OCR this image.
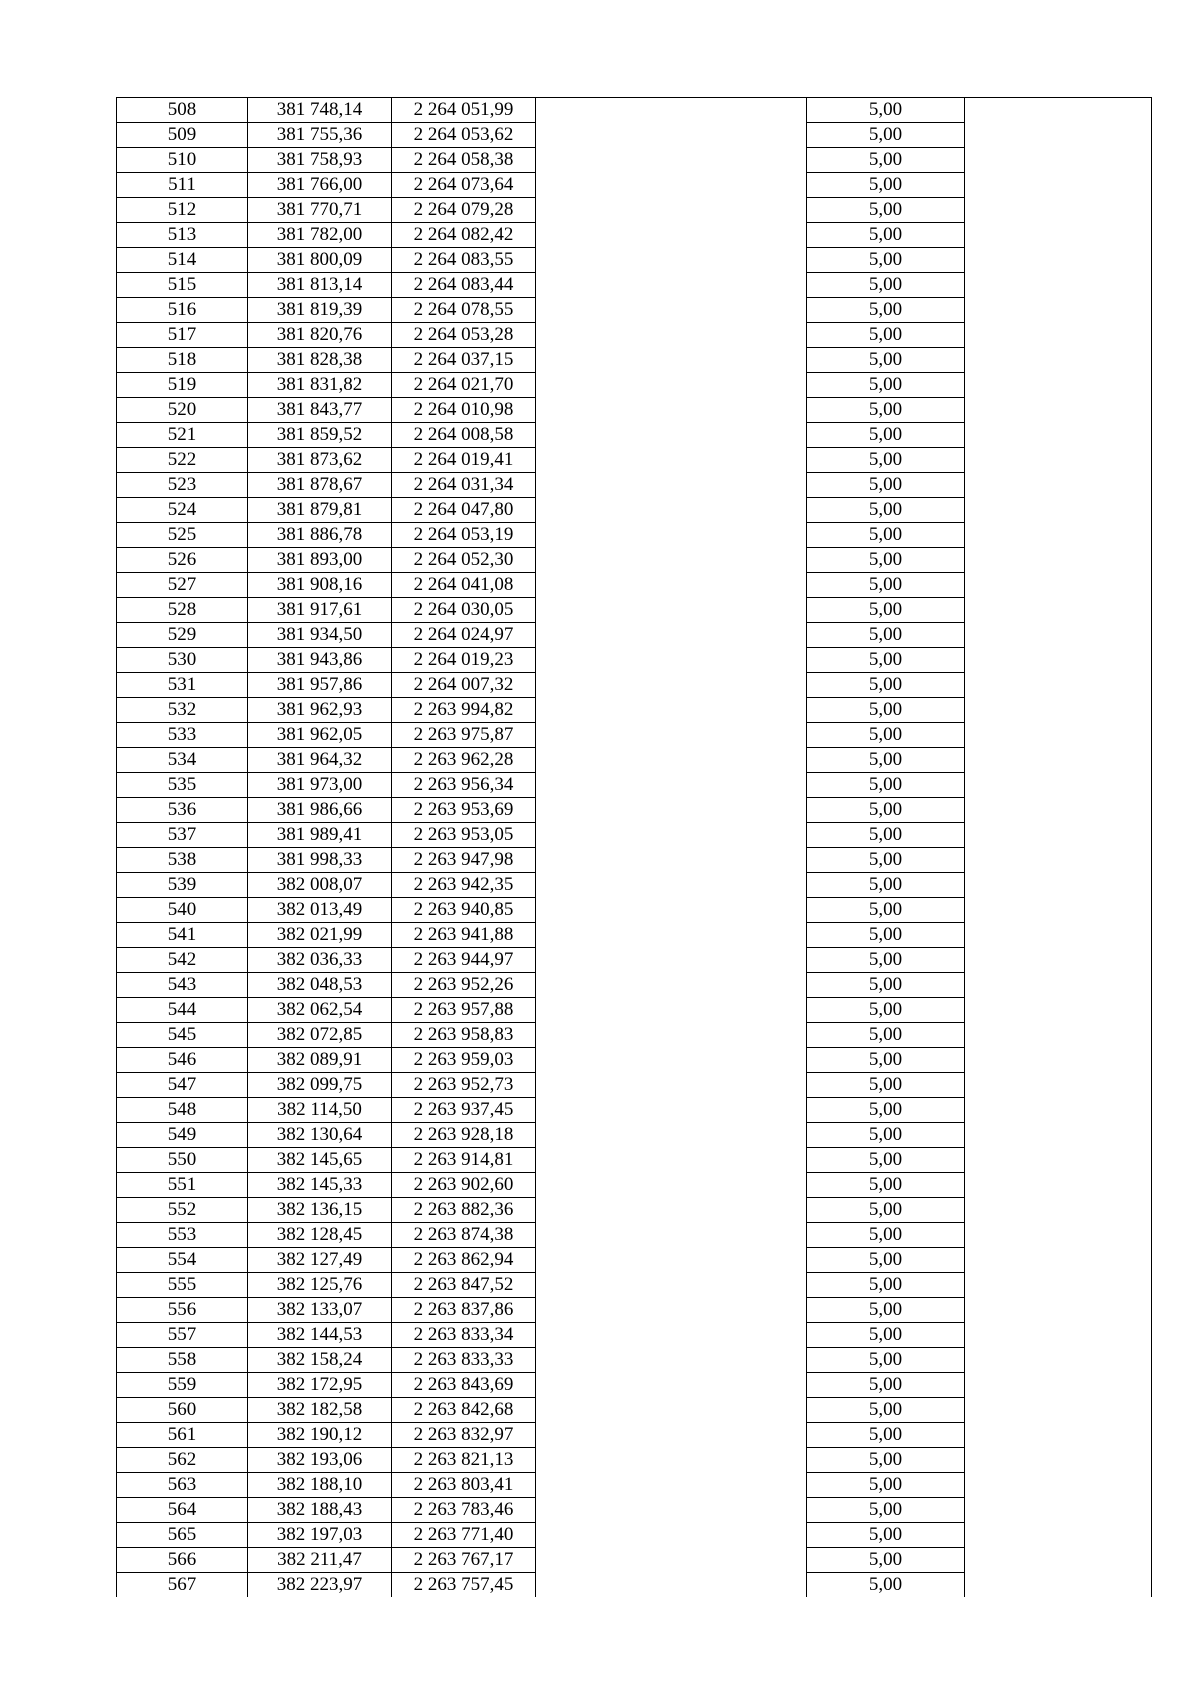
508	381 748,14	2 264 051,99		5,00	
509	381 755,36	2 264 053,62		5,00	
510	381 758,93	2 264 058,38		5,00	
511	381 766,00	2 264 073,64		5,00	
512	381 770,71	2 264 079,28		5,00	
513	381 782,00	2 264 082,42		5,00	
514	381 800,09	2 264 083,55		5,00	
515	381 813,14	2 264 083,44		5,00	
516	381 819,39	2 264 078,55		5,00	
517	381 820,76	2 264 053,28		5,00	
518	381 828,38	2 264 037,15		5,00	
519	381 831,82	2 264 021,70		5,00	
520	381 843,77	2 264 010,98		5,00	
521	381 859,52	2 264 008,58		5,00	
522	381 873,62	2 264 019,41		5,00	
523	381 878,67	2 264 031,34		5,00	
524	381 879,81	2 264 047,80		5,00	
525	381 886,78	2 264 053,19		5,00	
526	381 893,00	2 264 052,30		5,00	
527	381 908,16	2 264 041,08		5,00	
528	381 917,61	2 264 030,05		5,00	
529	381 934,50	2 264 024,97		5,00	
530	381 943,86	2 264 019,23		5,00	
531	381 957,86	2 264 007,32		5,00	
532	381 962,93	2 263 994,82		5,00	
533	381 962,05	2 263 975,87		5,00	
534	381 964,32	2 263 962,28		5,00	
535	381 973,00	2 263 956,34		5,00	
536	381 986,66	2 263 953,69		5,00	
537	381 989,41	2 263 953,05		5,00	
538	381 998,33	2 263 947,98		5,00	
539	382 008,07	2 263 942,35		5,00	
540	382 013,49	2 263 940,85		5,00	
541	382 021,99	2 263 941,88		5,00	
542	382 036,33	2 263 944,97		5,00	
543	382 048,53	2 263 952,26		5,00	
544	382 062,54	2 263 957,88		5,00	
545	382 072,85	2 263 958,83		5,00	
546	382 089,91	2 263 959,03		5,00	
547	382 099,75	2 263 952,73		5,00	
548	382 114,50	2 263 937,45		5,00	
549	382 130,64	2 263 928,18		5,00	
550	382 145,65	2 263 914,81		5,00	
551	382 145,33	2 263 902,60		5,00	
552	382 136,15	2 263 882,36		5,00	
553	382 128,45	2 263 874,38		5,00	
554	382 127,49	2 263 862,94		5,00	
555	382 125,76	2 263 847,52		5,00	
556	382 133,07	2 263 837,86		5,00	
557	382 144,53	2 263 833,34		5,00	
558	382 158,24	2 263 833,33		5,00	
559	382 172,95	2 263 843,69		5,00	
560	382 182,58	2 263 842,68		5,00	
561	382 190,12	2 263 832,97		5,00	
562	382 193,06	2 263 821,13		5,00	
563	382 188,10	2 263 803,41		5,00	
564	382 188,43	2 263 783,46		5,00	
565	382 197,03	2 263 771,40		5,00	
566	382 211,47	2 263 767,17		5,00	
567	382 223,97	2 263 757,45		5,00	
